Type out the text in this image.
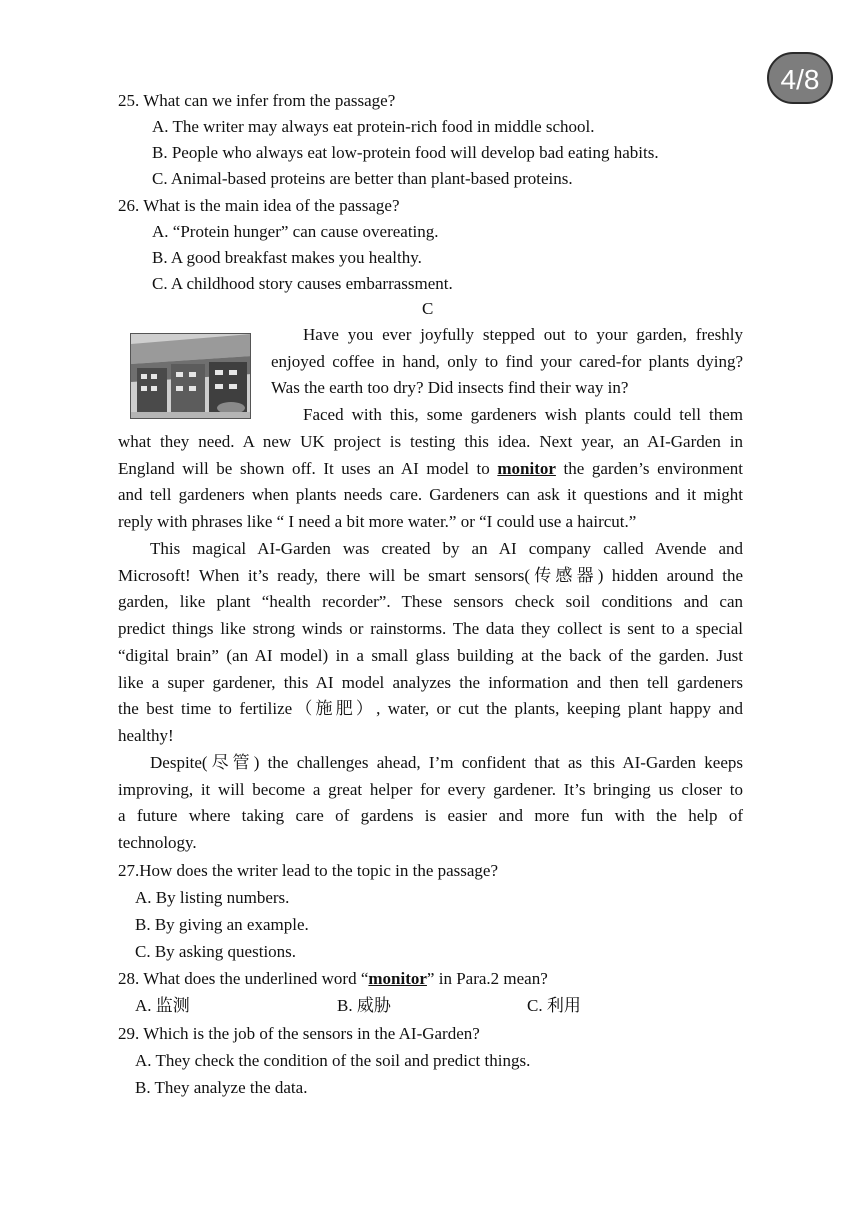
4/8
25. What can we infer from the passage?
A. The writer may always eat protein-rich food in middle school.
B. People who always eat low-protein food will develop bad eating habits.
C. Animal-based proteins are better than plant-based proteins.
26. What is the main idea of the passage?
A. “Protein hunger” can cause overeating.
B. A good breakfast makes you healthy.
C. A childhood story causes embarrassment.
C
Have you ever joyfully stepped out to your garden, freshly
enjoyed coffee in hand, only to find your cared-for plants dying?
Was the earth too dry? Did insects find their way in?
Faced with this, some gardeners wish plants could tell them
what they need. A new UK project is testing this idea. Next year, an AI-Garden in
England will be shown off. It uses an AI model to monitor the garden’s environment
and tell gardeners when plants needs care. Gardeners can ask it questions and it might
reply with phrases like “ I need a bit more water.” or “I could use a haircut.”
This magical AI-Garden was created by an AI company called Avende and
Microsoft! When it’s ready, there will be smart sensors(传感器) hidden around the
garden, like plant “health recorder”. These sensors check soil conditions and can
predict things like strong winds or rainstorms. The data they collect is sent to a special
“digital brain” (an AI model) in a small glass building at the back of the garden. Just
like a super gardener, this AI model analyzes the information and then tell gardeners
the best time to fertilize（施肥）, water, or cut the plants, keeping plant happy and
healthy!
Despite(尽管) the challenges ahead, I’m confident that as this AI-Garden keeps
improving, it will become a great helper for every gardener. It’s bringing us closer to
a future where taking care of gardens is easier and more fun with the help of
technology.
27.How does the writer lead to the topic in the passage?
A. By listing numbers.
B. By giving an example.
C. By asking questions.
28. What does the underlined word “monitor” in Para.2 mean?
A. 监测	B. 威胁	C. 利用
29. Which is the job of the sensors in the AI-Garden?
A. They check the condition of the soil and predict things.
B. They analyze the data.
